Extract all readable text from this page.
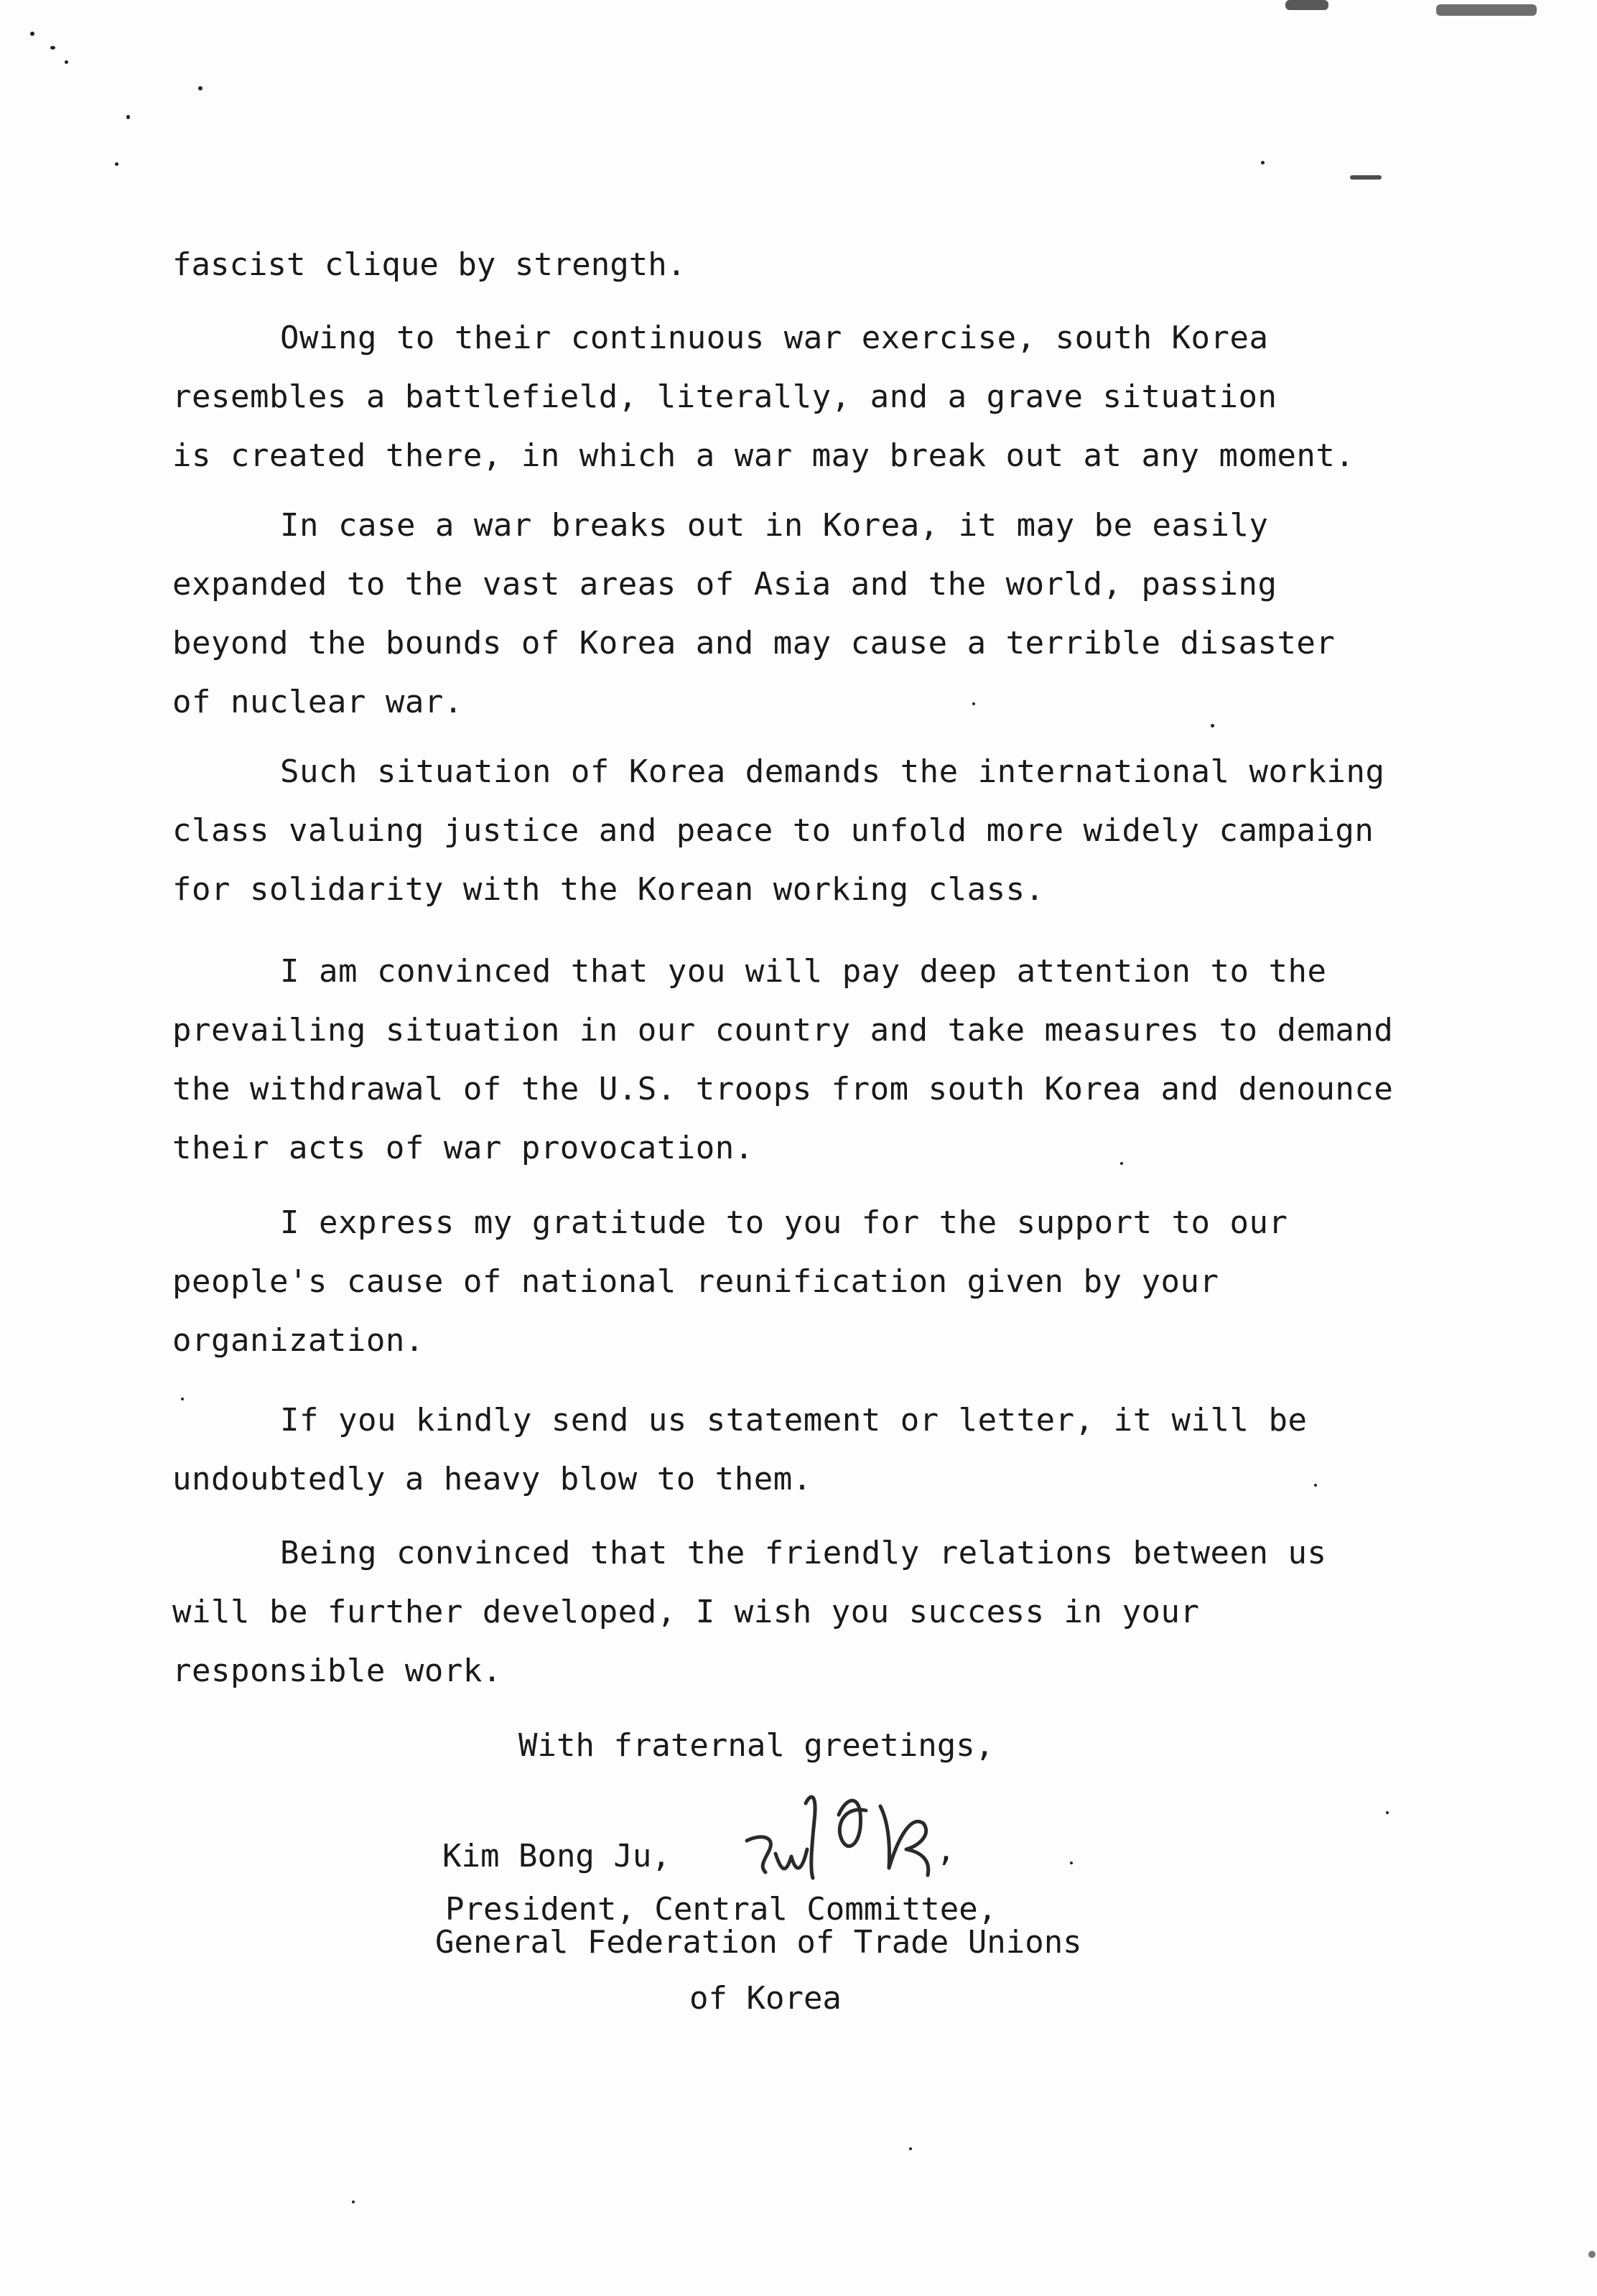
fascist clique by strength.

Owing to their continuous war exercise, south Korea
resembles a battlefield, literally, and a grave situation
is created there, in which a war may break out at any moment.

In case a war breaks out in Korea, it may be easily
expanded to the vast areas of Asia and the world, passing
beyond the bounds of Korea and may cause a terrible disaster
of nuclear war.

Such situation of Korea demands the international working
class valuing justice and peace to unfold more widely campaign
for solidarity with the Korean working class.

I am convinced that you will pay deep attention to the
prevailing situation in our country and take measures to demand
the withdrawal of the U.S. troops from south Korea and denounce
their acts of war provocation.

I express my gratitude to you for the support to our
people's cause of national reunification given by your
organization.

If you kindly send us statement or letter, it will be
undoubtedly a heavy blow to them.

Being convinced that the friendly relations between us
will be further developed, I wish you success in your
responsible work.

With fraternal greetings,

Kim Bong Ju,	,

President, Central Committee,

General Federation of Trade Unions

of Korea
